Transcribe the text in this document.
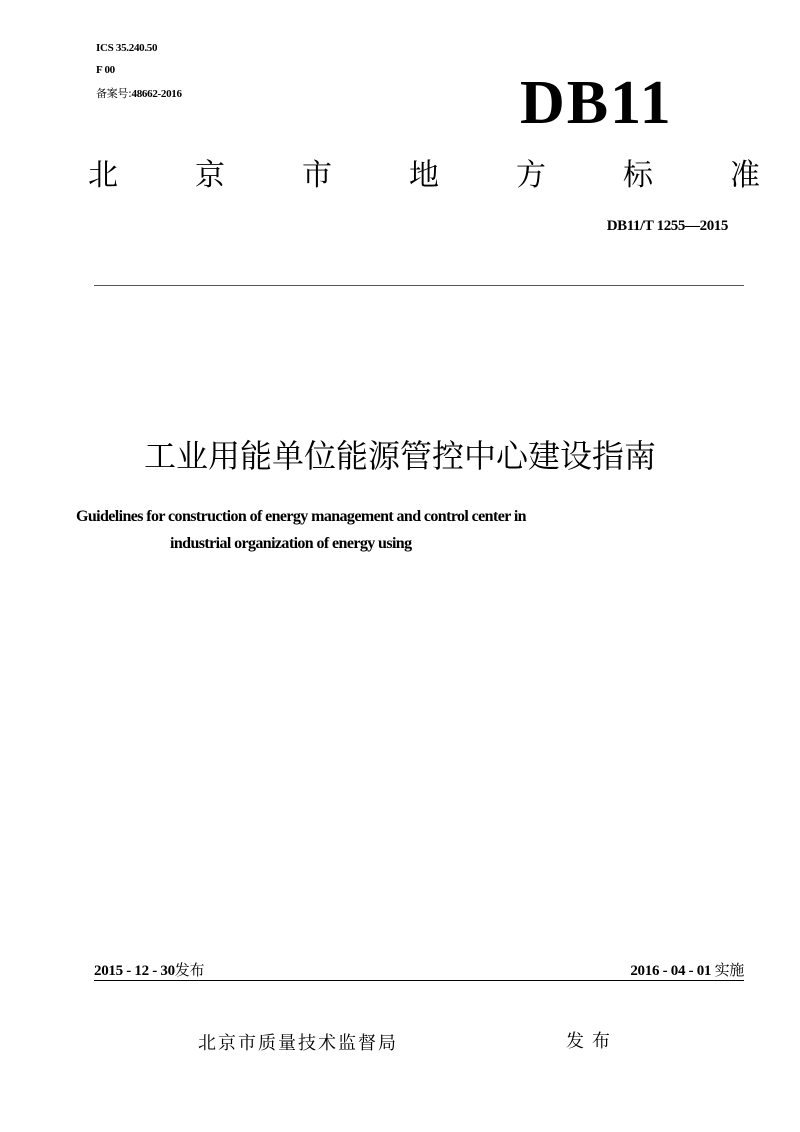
ICS 35.240.50
F 00
备案号:48662-2016	DB11
北	京	市	地	方	标	准
DB11/T 1255—2015
工业用能单位能源管控中心建设指南
Guidelines for construction of energy management and control center in
industrial organization of energy using
2015 - 12 - 30发布	2016 - 04 - 01 实施
北京市质量技术监督局	发布
